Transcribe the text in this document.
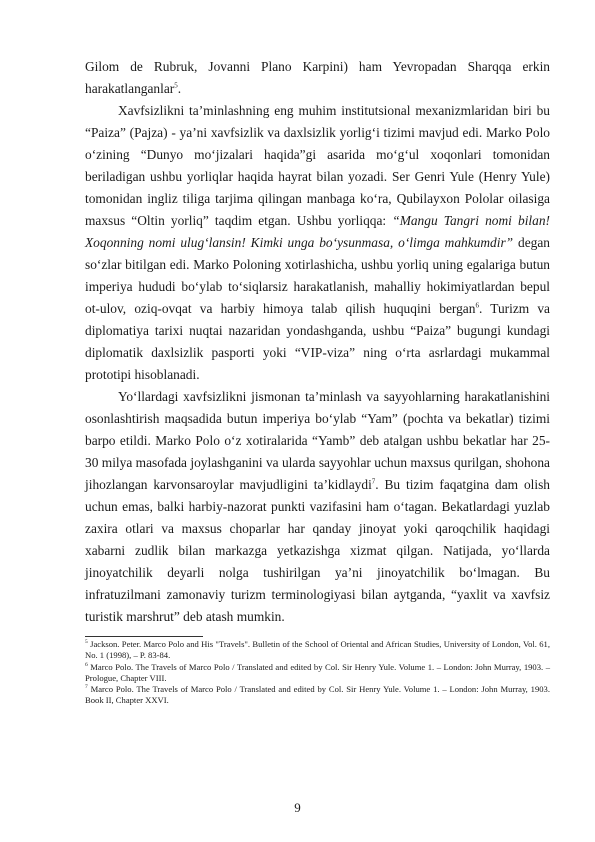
Gilom de Rubruk, Jovanni Plano Karpini) ham Yevropadan Sharqqa erkin harakatlanganlar$^5$.

Xavfsizlikni ta’minlashning eng muhim institutsional mexanizmlaridan biri bu “Paiza” (Pajza) - ya’ni xavfsizlik va daxlsizlik yorlig‘i tizimi mavjud edi. Marko Polo o‘zining “Dunyo mo‘jizalari haqida”gi asarida mo‘g‘ul xoqonlari tomonidan beriladigan ushbu yorliqlar haqida hayrat bilan yozadi. Ser Genri Yule (Henry Yule) tomonidan ingliz tiliga tarjima qilingan manbaga ko‘ra, Qubilayxon Pololar oilasiga maxsus “Oltin yorliq” taqdim etgan. Ushbu yorliqqa: “Mangu Tangri nomi bilan! Xoqonning nomi ulug‘lansin! Kimki unga bo‘ysunmasa, o‘limga mahkumdir” degan so‘zlar bitilgan edi. Marko Poloning xotirlashicha, ushbu yorliq uning egalariga butun imperiya hududi bo‘ylab to‘siqlarsiz harakatlanish, mahalliy hokimiyatlardan bepul ot-ulov, oziq-ovqat va harbiy himoya talab qilish huquqini bergan$^6$. Turizm va diplomatiya tarixi nuqtai nazaridan yondashganda, ushbu “Paiza” bugungi kundagi diplomatik daxlsizlik pasporti yoki “VIP-viza” ning o‘rta asrlardagi mukammal prototipi hisoblanadi.

Yo‘llardagi xavfsizlikni jismonan ta’minlash va sayyohlarning harakatlanishini osonlashtirish maqsadida butun imperiya bo‘ylab “Yam” (pochta va bekatlar) tizimi barpo etildi. Marko Polo o‘z xotiralarida “Yamb” deb atalgan ushbu bekatlar har 25-30 milya masofada joylashganini va ularda sayyohlar uchun maxsus qurilgan, shohona jihozlangan karvonsaroylar mavjudligini ta’kidlaydi$^7$. Bu tizim faqatgina dam olish uchun emas, balki harbiy-nazorat punkti vazifasini ham o‘tagan. Bekatlardagi yuzlab zaxira otlari va maxsus choparlar har qanday jinoyat yoki qaroqchilik haqidagi xabarni zudlik bilan markazga yetkazishga xizmat qilgan. Natijada, yo‘llarda jinoyatchilik deyarli nolga tushirilgan ya’ni jinoyatchilik bo‘lmagan. Bu infratuzilmani zamonaviy turizm terminologiyasi bilan aytganda, “yaxlit va xavfsiz turistik marshrut” deb atash mumkin.

$^5$ Jackson. Peter. Marco Polo and His "Travels". Bulletin of the School of Oriental and African Studies, University of London, Vol. 61, No. 1 (1998), – P. 83-84.

$^6$ Marco Polo. The Travels of Marco Polo / Translated and edited by Col. Sir Henry Yule. Volume 1. – London: John Murray, 1903. – Prologue, Chapter VIII.

$^7$ Marco Polo. The Travels of Marco Polo / Translated and edited by Col. Sir Henry Yule. Volume 1. – London: John Murray, 1903. Book II, Chapter XXVI.

9
